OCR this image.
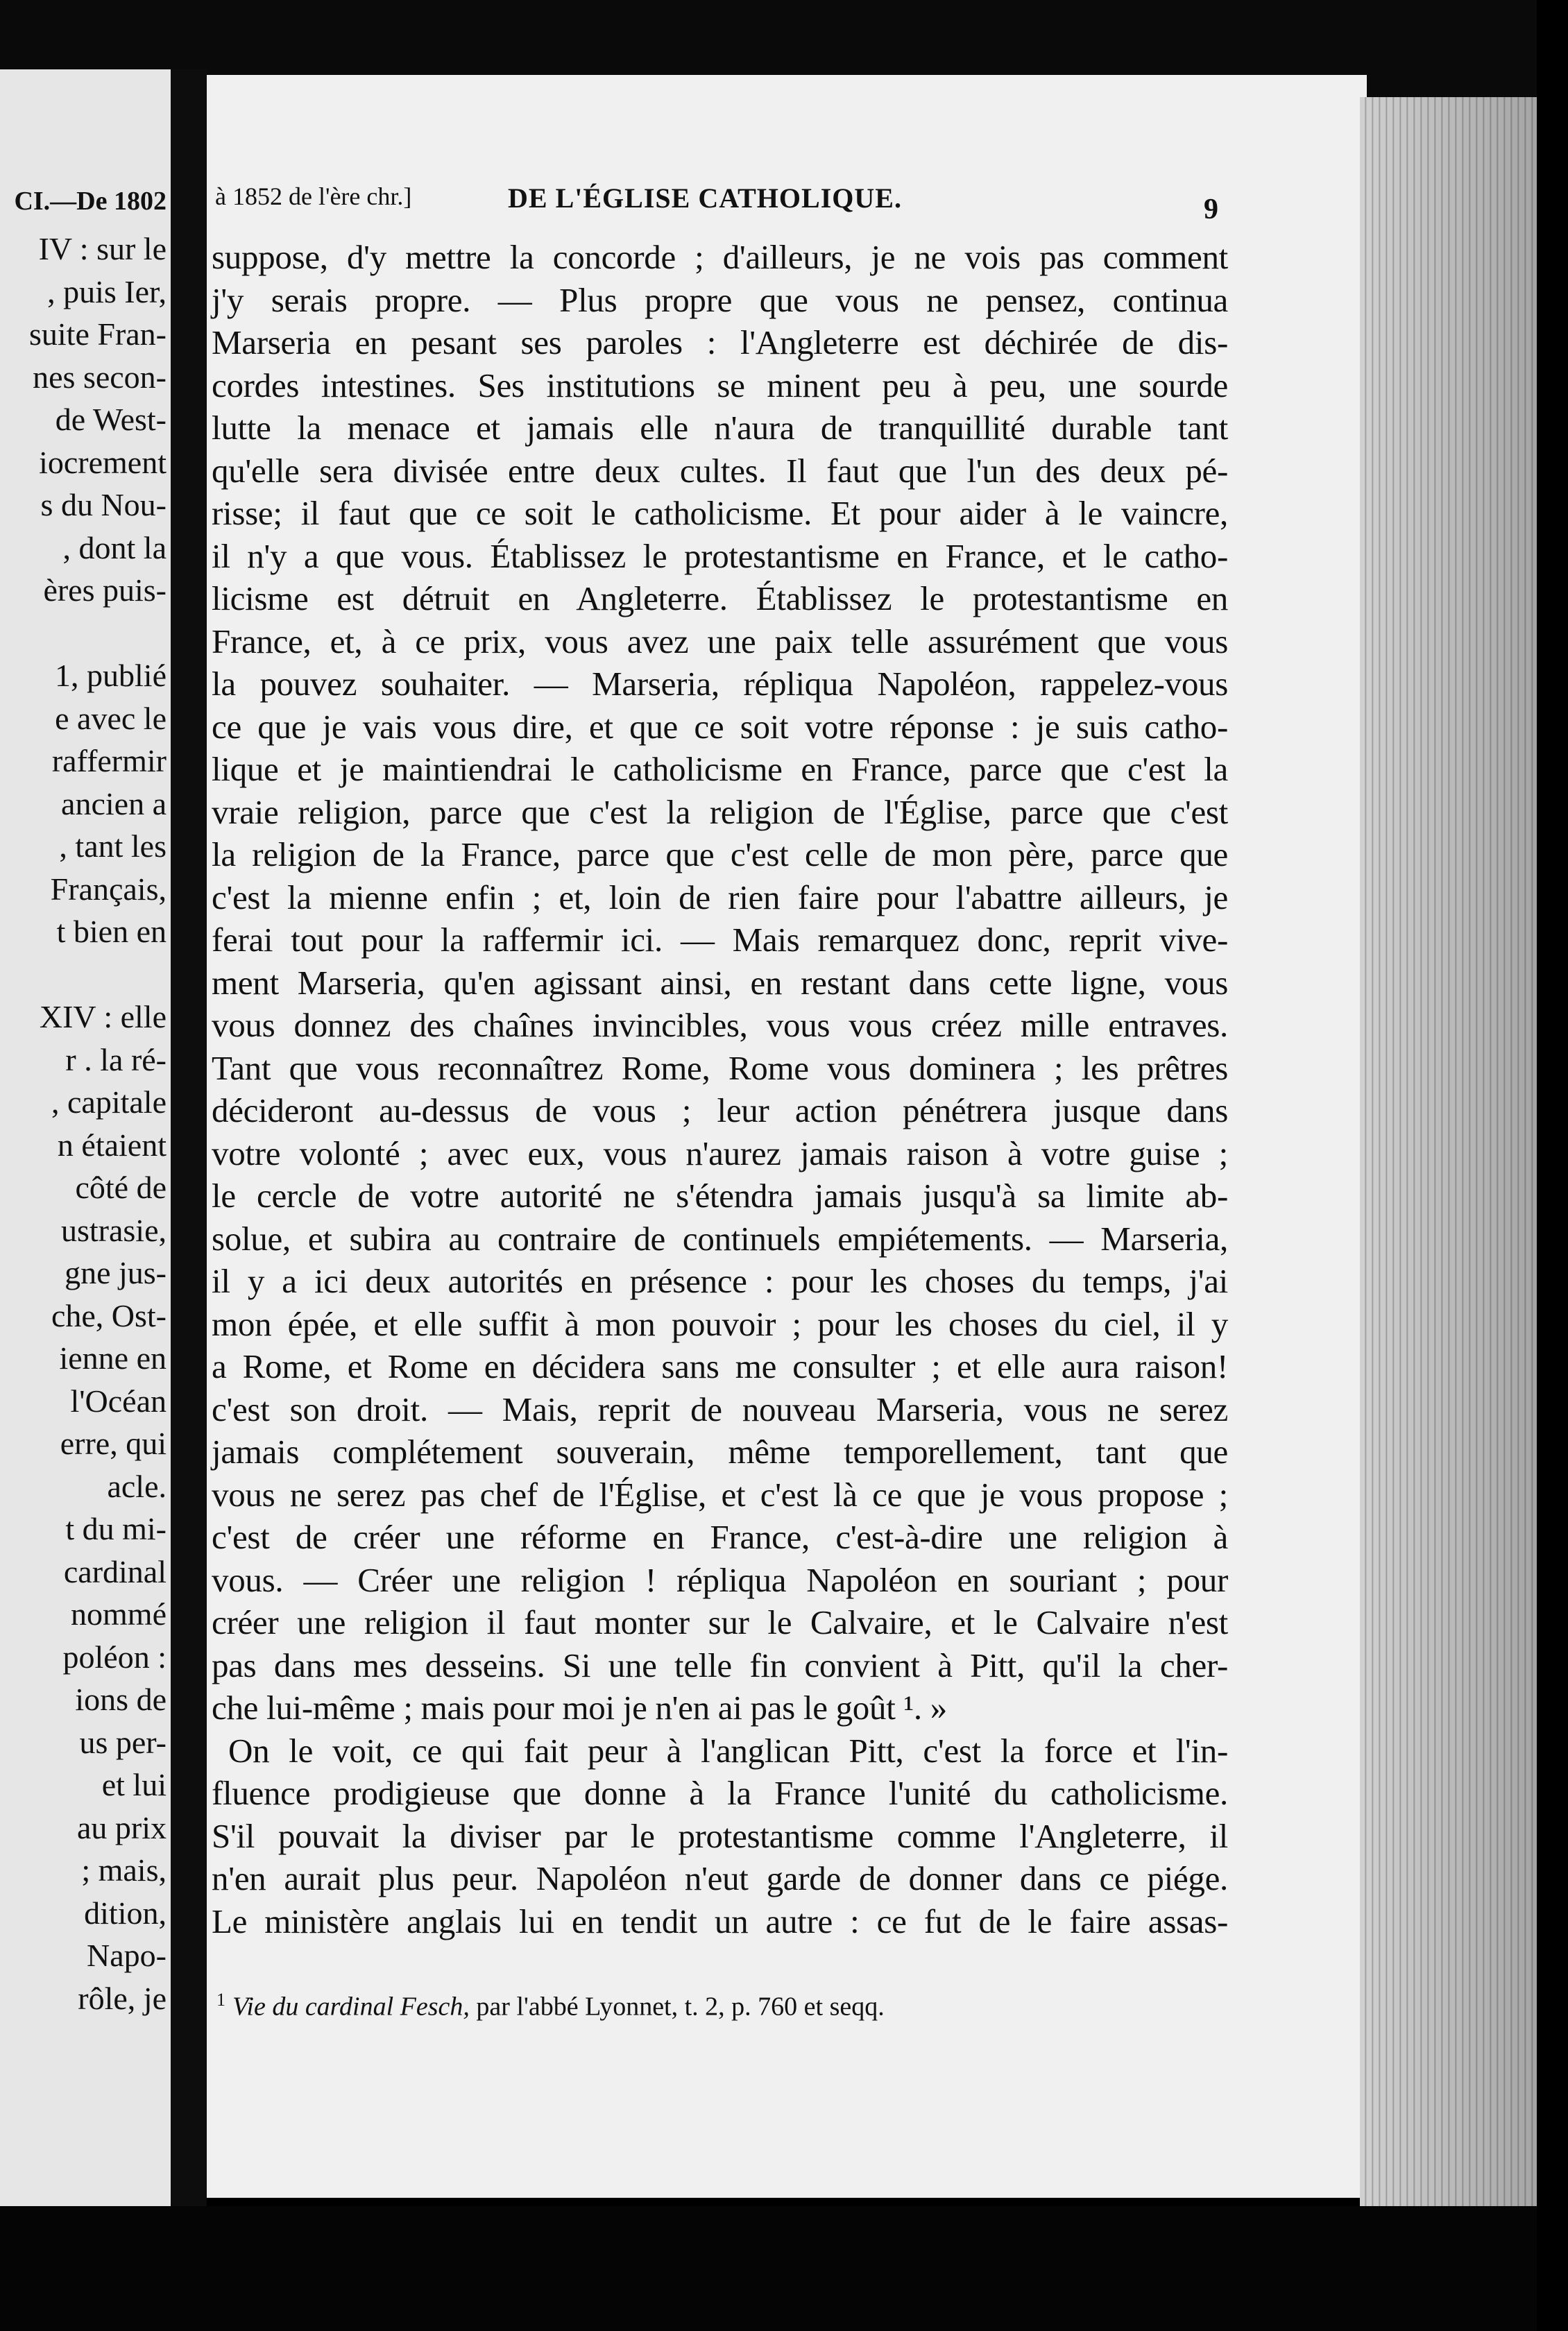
CI.—De 1802
IV : sur le
, puis Ier,
suite Fran-
nes secon-
de West-
iocrement
s du Nou-
, dont la
ères puis-
1, publié
e avec le
raffermir
ancien a
, tant les
Français,
t bien en
XIV : elle
r . la ré-
, capitale
n étaient
côté de
ustrasie,
gne jus-
che, Ost-
ienne en
l'Océan
erre, qui
acle.
t du mi-
cardinal
nommé
poléon :
ions de
us per-
et lui
au prix
; mais,
dition,
Napo-
rôle, je
à 1852 de l'ère chr.]	DE L'ÉGLISE CATHOLIQUE.	9
suppose, d'y mettre la concorde ; d'ailleurs, je ne vois pas comment
j'y serais propre. — Plus propre que vous ne pensez, continua
Marseria en pesant ses paroles : l'Angleterre est déchirée de dis-
cordes intestines. Ses institutions se minent peu à peu, une sourde
lutte la menace et jamais elle n'aura de tranquillité durable tant
qu'elle sera divisée entre deux cultes. Il faut que l'un des deux pé-
risse; il faut que ce soit le catholicisme. Et pour aider à le vaincre,
il n'y a que vous. Établissez le protestantisme en France, et le catho-
licisme est détruit en Angleterre. Établissez le protestantisme en
France, et, à ce prix, vous avez une paix telle assurément que vous
la pouvez souhaiter. — Marseria, répliqua Napoléon, rappelez-vous
ce que je vais vous dire, et que ce soit votre réponse : je suis catho-
lique et je maintiendrai le catholicisme en France, parce que c'est la
vraie religion, parce que c'est la religion de l'Église, parce que c'est
la religion de la France, parce que c'est celle de mon père, parce que
c'est la mienne enfin ; et, loin de rien faire pour l'abattre ailleurs, je
ferai tout pour la raffermir ici. — Mais remarquez donc, reprit vive-
ment Marseria, qu'en agissant ainsi, en restant dans cette ligne, vous
vous donnez des chaînes invincibles, vous vous créez mille entraves.
Tant que vous reconnaîtrez Rome, Rome vous dominera ; les prêtres
décideront au-dessus de vous ; leur action pénétrera jusque dans
votre volonté ; avec eux, vous n'aurez jamais raison à votre guise ;
le cercle de votre autorité ne s'étendra jamais jusqu'à sa limite ab-
solue, et subira au contraire de continuels empiétements. — Marseria,
il y a ici deux autorités en présence : pour les choses du temps, j'ai
mon épée, et elle suffit à mon pouvoir ; pour les choses du ciel, il y
a Rome, et Rome en décidera sans me consulter ; et elle aura raison!
c'est son droit. — Mais, reprit de nouveau Marseria, vous ne serez
jamais complétement souverain, même temporellement, tant que
vous ne serez pas chef de l'Église, et c'est là ce que je vous propose ;
c'est de créer une réforme en France, c'est-à-dire une religion à
vous. — Créer une religion ! répliqua Napoléon en souriant ; pour
créer une religion il faut monter sur le Calvaire, et le Calvaire n'est
pas dans mes desseins. Si une telle fin convient à Pitt, qu'il la cher-
che lui-même ; mais pour moi je n'en ai pas le goût ¹. »
On le voit, ce qui fait peur à l'anglican Pitt, c'est la force et l'in-
fluence prodigieuse que donne à la France l'unité du catholicisme.
S'il pouvait la diviser par le protestantisme comme l'Angleterre, il
n'en aurait plus peur. Napoléon n'eut garde de donner dans ce piége.
Le ministère anglais lui en tendit un autre : ce fut de le faire assas-
$^1$ Vie du cardinal Fesch, par l'abbé Lyonnet, t. 2, p. 760 et seqq.
